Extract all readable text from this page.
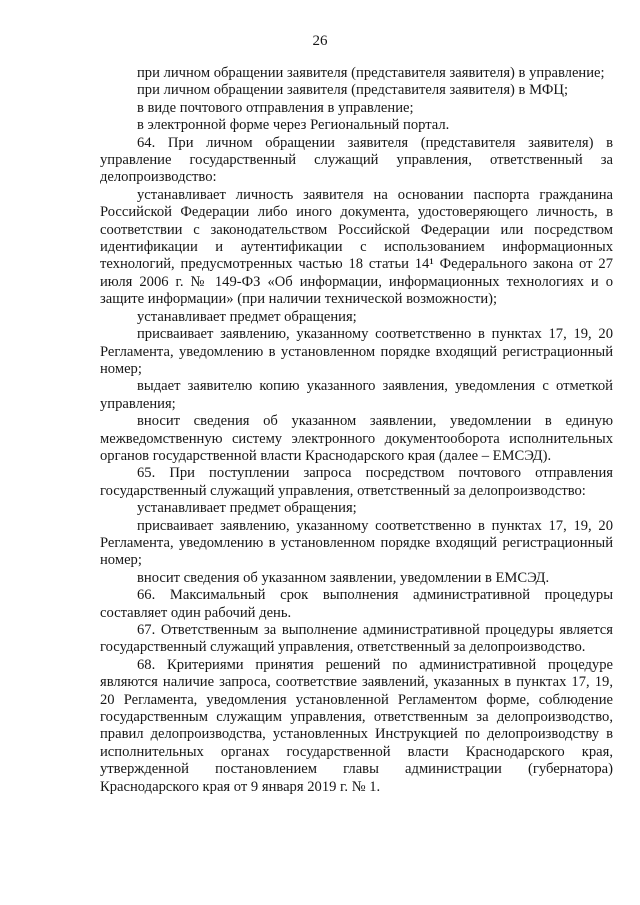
26

при личном обращении заявителя (представителя заявителя) в управление;

при личном обращении заявителя (представителя заявителя) в МФЦ;

в виде почтового отправления в управление;

в электронной форме через Региональный портал.

64. При личном обращении заявителя (представителя заявителя) в управление государственный служащий управления, ответственный за делопроизводство:

устанавливает личность заявителя на основании паспорта гражданина Российской Федерации либо иного документа, удостоверяющего личность, в соответствии с законодательством Российской Федерации или посредством идентификации и аутентификации с использованием информационных технологий, предусмотренных частью 18 статьи 14¹ Федерального закона от 27 июля 2006 г. № 149-ФЗ «Об информации, информационных технологиях и о защите информации» (при наличии технической возможности);

устанавливает предмет обращения;

присваивает заявлению, указанному соответственно в пунктах 17, 19, 20 Регламента, уведомлению в установленном порядке входящий регистрационный номер;

выдает заявителю копию указанного заявления, уведомления с отметкой управления;

вносит сведения об указанном заявлении, уведомлении в единую межведомственную систему электронного документооборота исполнительных органов государственной власти Краснодарского края (далее – ЕМСЭД).

65. При поступлении запроса посредством почтового отправления государственный служащий управления, ответственный за делопроизводство:

устанавливает предмет обращения;

присваивает заявлению, указанному соответственно в пунктах 17, 19, 20 Регламента, уведомлению в установленном порядке входящий регистрационный номер;

вносит сведения об указанном заявлении, уведомлении в ЕМСЭД.

66. Максимальный срок выполнения административной процедуры составляет один рабочий день.

67. Ответственным за выполнение административной процедуры является государственный служащий управления, ответственный за делопроизводство.

68. Критериями принятия решений по административной процедуре являются наличие запроса, соответствие заявлений, указанных в пунктах 17, 19, 20 Регламента, уведомления установленной Регламентом форме, соблюдение государственным служащим управления, ответственным за делопроизводство, правил делопроизводства, установленных Инструкцией по делопроизводству в исполнительных органах государственной власти Краснодарского края, утвержденной постановлением главы администрации (губернатора) Краснодарского края от 9 января 2019 г. № 1.
